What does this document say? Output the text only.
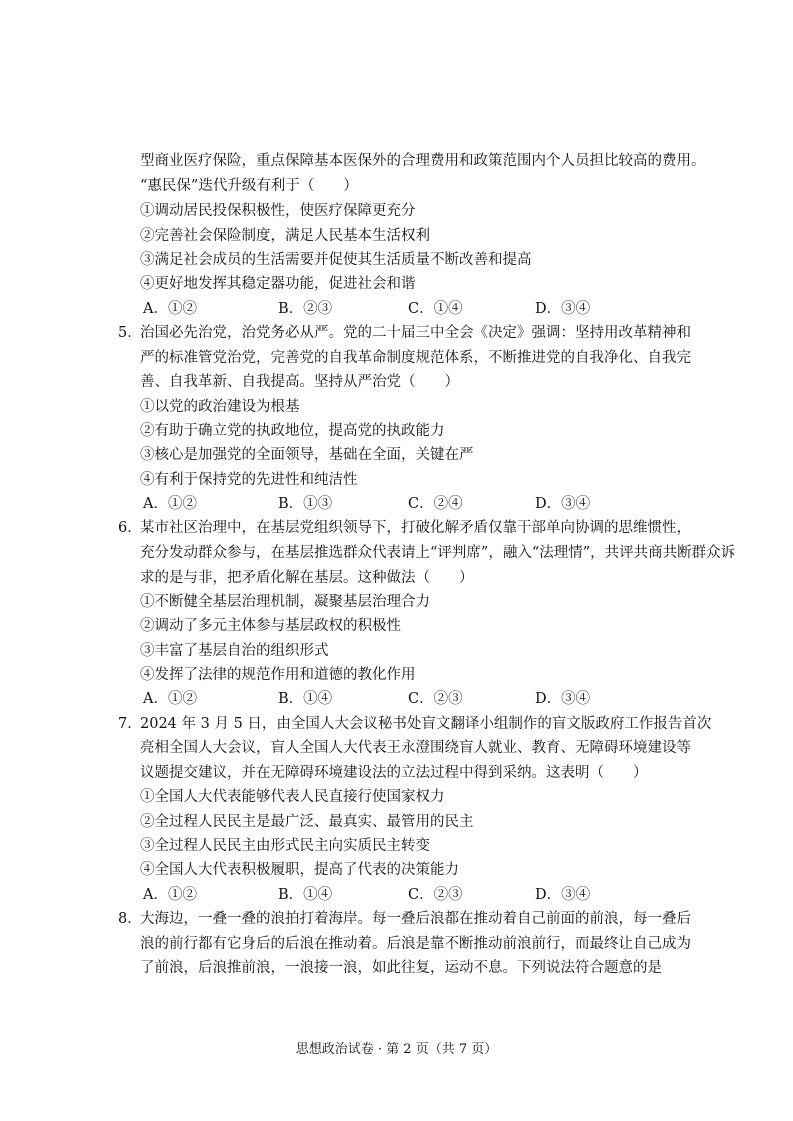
型商业医疗保险，重点保障基本医保外的合理费用和政策范围内个人员担比较高的费用。
“惠民保”迭代升级有利于（　　）
①调动居民投保积极性，使医疗保障更充分
②完善社会保险制度，满足人民基本生活权利
③满足社会成员的生活需要并促使其生活质量不断改善和提高
④更好地发挥其稳定器功能，促进社会和谐
A．①②	B．②③	C．①④	D．③④
5．
治国必先治党，治党务必从严。党的二十届三中全会《决定》强调：坚持用改革精神和
严的标准管党治党，完善党的自我革命制度规范体系，不断推进党的自我净化、自我完
善、自我革新、自我提高。坚持从严治党（　　）
①以党的政治建设为根基
②有助于确立党的执政地位，提高党的执政能力
③核心是加强党的全面领导，基础在全面，关键在严
④有利于保持党的先进性和纯洁性
A．①②	B．①③	C．②④	D．③④
6．
某市社区治理中，在基层党组织领导下，打破化解矛盾仅靠干部单向协调的思维惯性，
充分发动群众参与，在基层推选群众代表请上“评判席”，融入“法理情”，共评共商共断群众诉
求的是与非，把矛盾化解在基层。这种做法（　　）
①不断健全基层治理机制，凝聚基层治理合力
②调动了多元主体参与基层政权的积极性
③丰富了基层自治的组织形式
④发挥了法律的规范作用和道德的教化作用
A．①②	B．①④	C．②③	D．③④
7．
2024 年 3 月 5 日，由全国人大会议秘书处盲文翻译小组制作的盲文版政府工作报告首次
亮相全国人大会议，盲人全国人大代表王永澄围绕盲人就业、教育、无障碍环境建设等
议题提交建议，并在无障碍环境建设法的立法过程中得到采纳。这表明（　　）
①全国人大代表能够代表人民直接行使国家权力
②全过程人民民主是最广泛、最真实、最管用的民主
③全过程人民民主由形式民主向实质民主转变
④全国人大代表积极履职，提高了代表的决策能力
A．①②	B．①④	C．②③	D．③④
8．
大海边，一叠一叠的浪拍打着海岸。每一叠后浪都在推动着自己前面的前浪，每一叠后
浪的前行都有它身后的后浪在推动着。后浪是靠不断推动前浪前行，而最终让自己成为
了前浪，后浪推前浪，一浪接一浪，如此往复，运动不息。下列说法符合题意的是
思想政治试卷 · 第 2 页（共 7 页）
